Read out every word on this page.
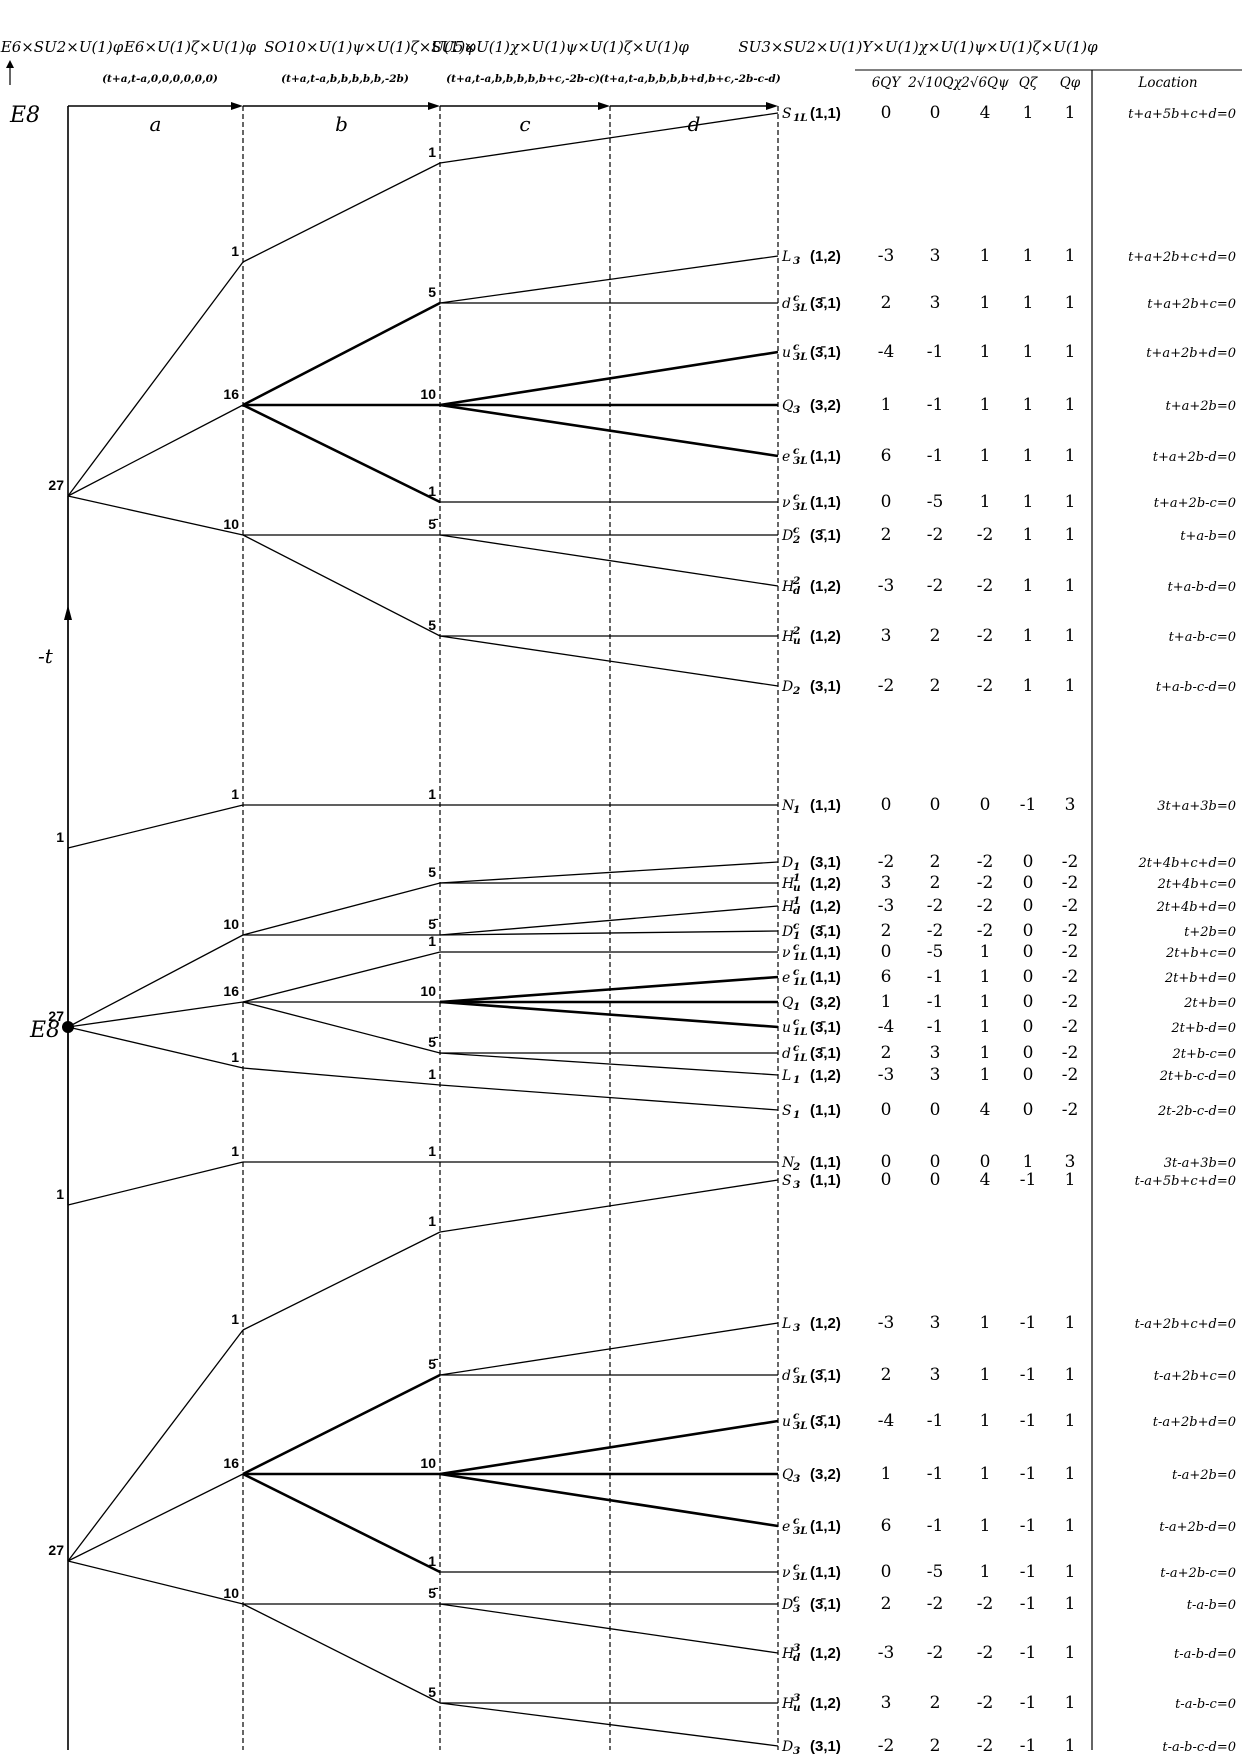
E6×SU2×U(1)φ E6×U(1)ζ×U(1)φ SO10×U(1)ψ×U(1)ζ×U(1)φ
SU5×U(1)χ×U(1)ψ×U(1)ζ×U(1)φ	SU3×SU2×U(1)Y×U(1)χ×U(1)ψ×U(1)ζ×U(1)φ
(t+a,t-a,0,0,0,0,0,0)	(t+a,t-a,b,b,b,b,b,-2b)	(t+a,t-a,b,b,b,b,b+c,-2b-c) (t+a,t-a,b,b,b,b+d,b+c,-2b-c-d)	6QY 2√10Qχ 2√6Qψ Qζ Qφ	Location
E8	a	b	c	d
-t
E8
1
16
10
1
5
10
1
5̄
5
1
10
16
1
1
5
5̄
1
10
5̄
1
1	1
1
16
10
1
5̄
10
1
5̄
5
27
1
27
1
27
S 1L (1,1) 0 0 4 1 1	t+a+5b+c+d=0
L 3 (1,2) -3 3 1 1 1	t+a+2b+c+d=0
d c
3L (3̄,1) 2 3 1 1 1	t+a+2b+c=0
u c
3L (3̄,1) -4 -1 1 1 1	t+a+2b+d=0
Q 3 (3,2) 1 -1 1 1 1	t+a+2b=0
e c
3L (1,1) 6 -1 1 1 1	t+a+2b-d=0
ν c
3L (1,1) 0 -5 1 1 1	t+a+2b-c=0
D c
2 (3̄,1) 2 -2 -2 1 1	t+a-b=0
H
2
d (1,2) -3 -2 -2 1 1	t+a-b-d=0
H
2
u (1,2) 3 2 -2 1 1	t+a-b-c=0
D 2 (3,1) -2 2 -2 1 1	t+a-b-c-d=0
N
1 (1,1) 0 0 0 -1 3	3t+a+3b=0
D 1 (3,1) -2 2 -2 0 -2	2t+4b+c+d=0
H
1
u (1,2) 3 2 -2 0 -2	2t+4b+c=0
H
1
d (1,2) -3 -2 -2 0 -2	2t+4b+d=0
D c
1 (3̄,1) 2 -2 -2 0 -2	t+2b=0
ν c
1L (1,1) 0 -5 1 0 -2	2t+b+c=0
e c
1L (1,1) 6 -1 1 0 -2	2t+b+d=0
Q 1 (3,2) 1 -1 1 0 -2	2t+b=0
u c
1L (3̄,1) -4 -1 1 0 -2	2t+b-d=0
d c
1L (3̄,1) 2 3 1 0 -2	2t+b-c=0
L 1 (1,2) -3 3 1 0 -2	2t+b-c-d=0
S 1 (1,1) 0 0 4 0 -2	2t-2b-c-d=0
N
2 (1,1) 0 0 0 1 3	3t-a+3b=0
S 3 (1,1) 0 0 4 -1 1	t-a+5b+c+d=0
L 3 (1,2) -3 3 1 -1 1	t-a+2b+c+d=0
d c
3L (3̄,1) 2 3 1 -1 1	t-a+2b+c=0
u c
3L (3̄,1) -4 -1 1 -1 1	t-a+2b+d=0
Q 3 (3,2) 1 -1 1 -1 1	t-a+2b=0
e c
3L (1,1) 6 -1 1 -1 1	t-a+2b-d=0
ν c
3L (1,1) 0 -5 1 -1 1	t-a+2b-c=0
D c
3 (3̄,1) 2 -2 -2 -1 1	t-a-b=0
H
3
d (1,2) -3 -2 -2 -1 1	t-a-b-d=0
H
3
u (1,2) 3 2 -2 -1 1	t-a-b-c=0
D 3 (3,1) -2 2 -2 -1 1	t-a-b-c-d=0
